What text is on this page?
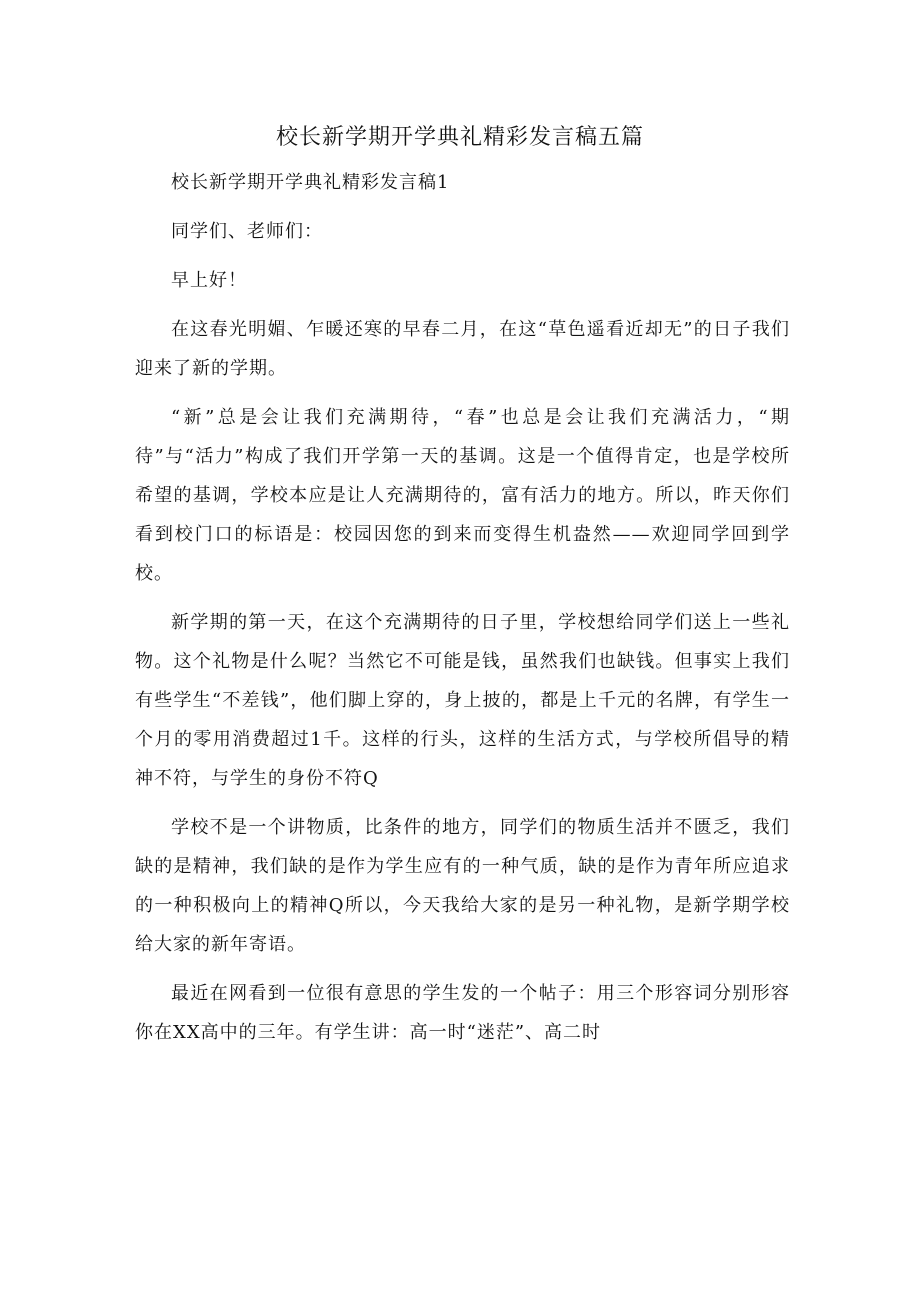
校长新学期开学典礼精彩发言稿五篇

校长新学期开学典礼精彩发言稿1

同学们、老师们：

早上好！

在这春光明媚、乍暖还寒的早春二月，在这“草色遥看近却无”的日子我们迎来了新的学期。

“新”总是会让我们充满期待，“春”也总是会让我们充满活力，“期待”与“活力”构成了我们开学第一天的基调。这是一个值得肯定，也是学校所希望的基调，学校本应是让人充满期待的，富有活力的地方。所以，昨天你们看到校门口的标语是：校园因您的到来而变得生机盎然——欢迎同学回到学校。

新学期的第一天，在这个充满期待的日子里，学校想给同学们送上一些礼物。这个礼物是什么呢？当然它不可能是钱，虽然我们也缺钱。但事实上我们有些学生“不差钱”，他们脚上穿的，身上披的，都是上千元的名牌，有学生一个月的零用消费超过1千。这样的行头，这样的生活方式，与学校所倡导的精神不符，与学生的身份不符Q

学校不是一个讲物质，比条件的地方，同学们的物质生活并不匮乏，我们缺的是精神，我们缺的是作为学生应有的一种气质，缺的是作为青年所应追求的一种积极向上的精神Q所以，今天我给大家的是另一种礼物，是新学期学校给大家的新年寄语。

最近在网看到一位很有意思的学生发的一个帖子：用三个形容词分别形容你在XX高中的三年。有学生讲：高一时“迷茫”、高二时
